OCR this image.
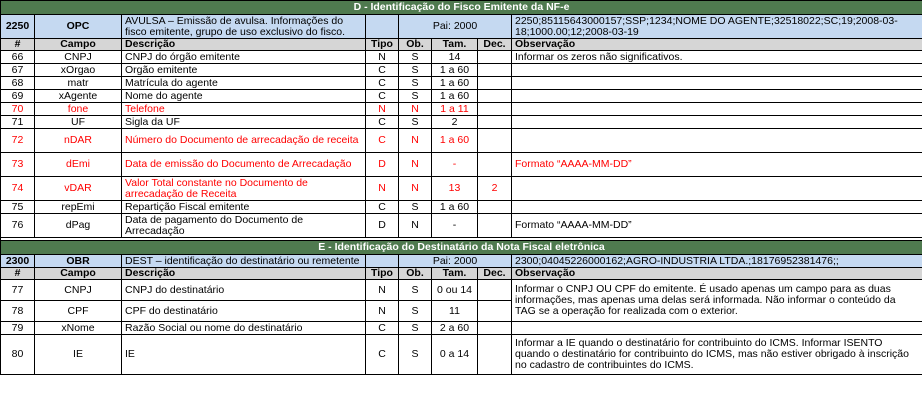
D - Identificação do Fisco Emitente da NF-e							
2250	OPC	AVULSA – Emissão de avulsa. Informações do fisco emitente, grupo de uso exclusivo do fisco.		Pai: 2000			2250;85115643000157;SSP;1234;NOME DO AGENTE;32518022;SC;19;2008-03-18;1000.00;12;2008-03-19
#	Campo	Descrição	Tipo	Ob.	Tam.	Dec.	Observação
66	CNPJ	CNPJ do órgão emitente	N	S	14		Informar os zeros não significativos.
67	xOrgao	Orgão emitente	C	S	1 a 60		
68	matr	Matrícula do agente	C	S	1 a 60		
69	xAgente	Nome do agente	C	S	1 a 60		
70	fone	Telefone	N	N	1 a 11		
71	UF	Sigla da UF	C	S	2		
72	nDAR	Número do Documento de arrecadação de receita	C	N	1 a 60		
73	dEmi	Data de emissão do Documento de Arrecadação	D	N	-		Formato “AAAA-MM-DD”
74	vDAR	Valor Total constante no Documento de arrecadação de Receita	N	N	13	2	
75	repEmi	Repartição Fiscal emitente	C	S	1 a 60		
76	dPag	Data de pagamento do Documento de Arrecadação	D	N	-		Formato “AAAA-MM-DD”

E - Identificação do Destinatário da Nota Fiscal eletrônica							
2300	OBR	DEST – identificação do destinatário ou remetente		Pai: 2000			2300;04045226000162;AGRO-INDUSTRIA LTDA.;18176952381476;;
#	Campo	Descrição	Tipo	Ob.	Tam.	Dec.	Observação
77	CNPJ	CNPJ do destinatário	N	S	0 ou 14		Informar o CNPJ OU CPF do emitente. É usado apenas um campo para as duas informações, mas apenas uma delas será informada. Não informar o conteúdo da TAG se a operação for realizada com o exterior.
78	CPF	CPF do destinatário	N	S	11		
79	xNome	Razão Social ou nome do destinatário	C	S	2 a 60		
80	IE	IE	C	S	0 a 14		Informar a IE quando o destinatário for contribuinto do ICMS. Informar ISENTO quando o destinatário for contribuinto do ICMS, mas não estiver obrigado à inscrição no cadastro de contribuintes do ICMS.
